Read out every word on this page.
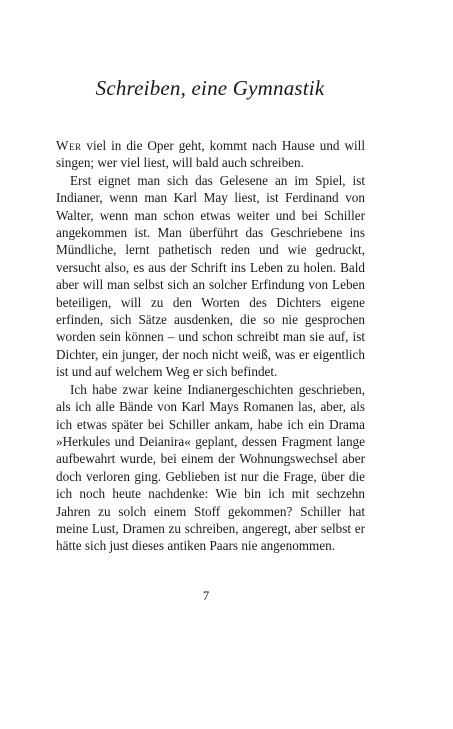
Schreiben, eine Gymnastik

Wer viel in die Oper geht, kommt nach Hause und will singen; wer viel liest, will bald auch schreiben.

Erst eignet man sich das Gelesene an im Spiel, ist Indianer, wenn man Karl May liest, ist Ferdinand von Walter, wenn man schon etwas weiter und bei Schiller angekommen ist. Man überführt das Geschriebene ins Mündliche, lernt pathetisch reden und wie gedruckt, versucht also, es aus der Schrift ins Leben zu holen. Bald aber will man selbst sich an solcher Erfindung von Leben beteiligen, will zu den Worten des Dichters eigene erfinden, sich Sätze ausdenken, die so nie gesprochen worden sein können – und schon schreibt man sie auf, ist Dichter, ein junger, der noch nicht weiß, was er eigentlich ist und auf welchem Weg er sich befindet.

Ich habe zwar keine Indianergeschichten geschrieben, als ich alle Bände von Karl Mays Romanen las, aber, als ich etwas später bei Schiller ankam, habe ich ein Drama »Herkules und Deianira« geplant, dessen Fragment lange aufbewahrt wurde, bei einem der Wohnungswechsel aber doch verloren ging. Geblieben ist nur die Frage, über die ich noch heute nachdenke: Wie bin ich mit sechzehn Jahren zu solch einem Stoff gekommen? Schiller hat meine Lust, Dramen zu schreiben, angeregt, aber selbst er hätte sich just dieses antiken Paars nie angenommen.

7
